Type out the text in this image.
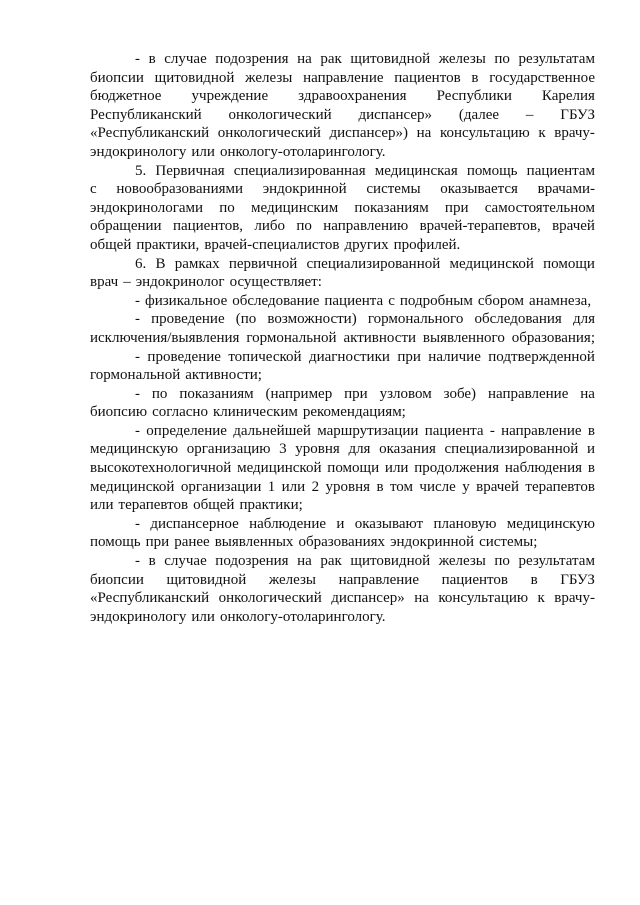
- в случае подозрения на рак щитовидной железы по результатам
биопсии щитовидной железы направление пациентов в государственное
бюджетное учреждение здравоохранения Республики Карелия
Республиканский онкологический диспансер» (далее – ГБУЗ
«Республиканский онкологический диспансер») на консультацию к врачу-
эндокринологу или онкологу-отоларингологу.
5. Первичная специализированная медицинская помощь пациентам
с новообразованиями эндокринной системы оказывается врачами-
эндокринологами по медицинским показаниям при самостоятельном
обращении пациентов, либо по направлению врачей-терапевтов, врачей
общей практики, врачей-специалистов других профилей.
6. В рамках первичной специализированной медицинской помощи
врач – эндокринолог осуществляет:
- физикальное обследование пациента с подробным сбором анамнеза,
- проведение (по возможности) гормонального обследования для
исключения/выявления гормональной активности выявленного образования;
- проведение топической диагностики при наличие подтвержденной
гормональной активности;
- по показаниям (например при узловом зобе) направление на
биопсию согласно клиническим рекомендациям;
- определение дальнейшей маршрутизации пациента - направление в
медицинскую организацию 3 уровня для оказания специализированной и
высокотехнологичной медицинской помощи или продолжения наблюдения в
медицинской организации 1 или 2 уровня в том числе у врачей терапевтов
или терапевтов общей практики;
- диспансерное наблюдение и оказывают плановую медицинскую
помощь при ранее выявленных образованиях эндокринной системы;
- в случае подозрения на рак щитовидной железы по результатам
биопсии щитовидной железы направление пациентов в ГБУЗ
«Республиканский онкологический диспансер» на консультацию к врачу-
эндокринологу или онкологу-отоларингологу.
